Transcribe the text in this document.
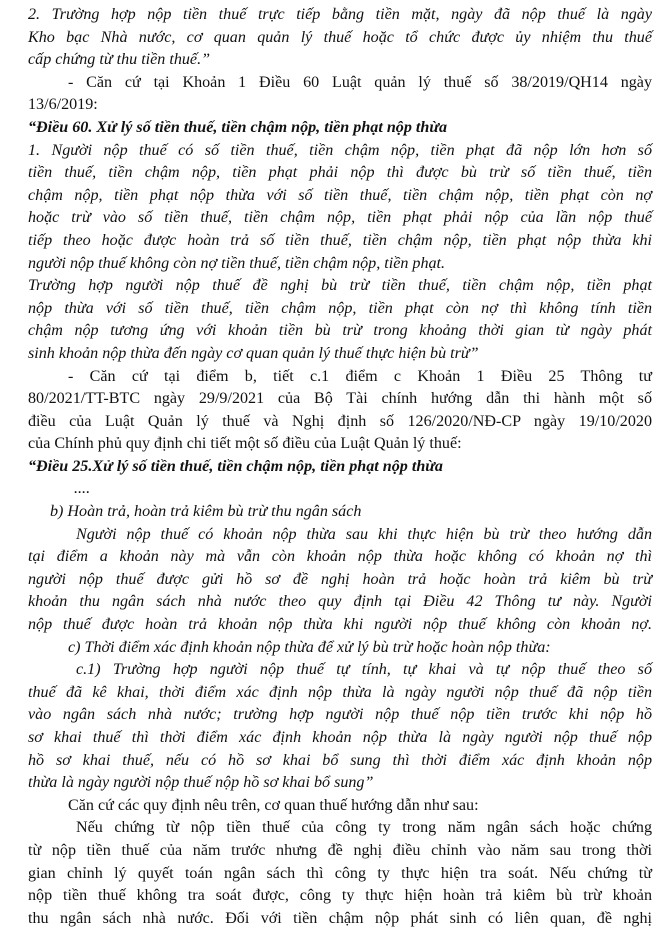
2. Trường hợp nộp tiền thuế trực tiếp bằng tiền mặt, ngày đã nộp thuế là ngày
Kho bạc Nhà nước, cơ quan quản lý thuế hoặc tổ chức được ủy nhiệm thu thuế
cấp chứng từ thu tiền thuế.”
- Căn cứ tại Khoản 1 Điều 60 Luật quản lý thuế số 38/2019/QH14 ngày
13/6/2019:
“Điều 60. Xử lý số tiền thuế, tiền chậm nộp, tiền phạt nộp thừa
1. Người nộp thuế có số tiền thuế, tiền chậm nộp, tiền phạt đã nộp lớn hơn số
tiền thuế, tiền chậm nộp, tiền phạt phải nộp thì được bù trừ số tiền thuế, tiền
chậm nộp, tiền phạt nộp thừa với số tiền thuế, tiền chậm nộp, tiền phạt còn nợ
hoặc trừ vào số tiền thuế, tiền chậm nộp, tiền phạt phải nộp của lần nộp thuế
tiếp theo hoặc được hoàn trả số tiền thuế, tiền chậm nộp, tiền phạt nộp thừa khi
người nộp thuế không còn nợ tiền thuế, tiền chậm nộp, tiền phạt.
Trường hợp người nộp thuế đề nghị bù trừ tiền thuế, tiền chậm nộp, tiền phạt
nộp thừa với số tiền thuế, tiền chậm nộp, tiền phạt còn nợ thì không tính tiền
chậm nộp tương ứng với khoản tiền bù trừ trong khoảng thời gian từ ngày phát
sinh khoản nộp thừa đến ngày cơ quan quản lý thuế thực hiện bù trừ”
- Căn cứ tại điểm b, tiết c.1 điểm c Khoản 1 Điều 25 Thông tư
80/2021/TT-BTC ngày 29/9/2021 của Bộ Tài chính hướng dẫn thi hành một số
điều của Luật Quản lý thuế và Nghị định số 126/2020/NĐ-CP ngày 19/10/2020
của Chính phủ quy định chi tiết một số điều của Luật Quản lý thuế:
“Điều 25.Xử lý số tiền thuế, tiền chậm nộp, tiền phạt nộp thừa
....
b) Hoàn trả, hoàn trả kiêm bù trừ thu ngân sách
Người nộp thuế có khoản nộp thừa sau khi thực hiện bù trừ theo hướng dẫn
tại điểm a khoản này mà vẫn còn khoản nộp thừa hoặc không có khoản nợ thì
người nộp thuế được gửi hồ sơ đề nghị hoàn trả hoặc hoàn trả kiêm bù trừ
khoản thu ngân sách nhà nước theo quy định tại Điều 42 Thông tư này. Người
nộp thuế được hoàn trả khoản nộp thừa khi người nộp thuế không còn khoản nợ.
c) Thời điểm xác định khoản nộp thừa để xử lý bù trừ hoặc hoàn nộp thừa:
c.1) Trường hợp người nộp thuế tự tính, tự khai và tự nộp thuế theo số
thuế đã kê khai, thời điểm xác định nộp thừa là ngày người nộp thuế đã nộp tiền
vào ngân sách nhà nước; trường hợp người nộp thuế nộp tiền trước khi nộp hồ
sơ khai thuế thì thời điểm xác định khoản nộp thừa là ngày người nộp thuế nộp
hồ sơ khai thuế, nếu có hồ sơ khai bổ sung thì thời điểm xác định khoản nộp
thừa là ngày người nộp thuế nộp hồ sơ khai bổ sung”
Căn cứ các quy định nêu trên, cơ quan thuế hướng dẫn như sau:
Nếu chứng từ nộp tiền thuế của công ty trong năm ngân sách hoặc chứng
từ nộp tiền thuế của năm trước nhưng đề nghị điều chỉnh vào năm sau trong thời
gian chỉnh lý quyết toán ngân sách thì công ty thực hiện tra soát. Nếu chứng từ
nộp tiền thuế không tra soát được, công ty thực hiện hoàn trả kiêm bù trừ khoản
thu ngân sách nhà nước. Đối với tiền chậm nộp phát sinh có liên quan, đề nghị
